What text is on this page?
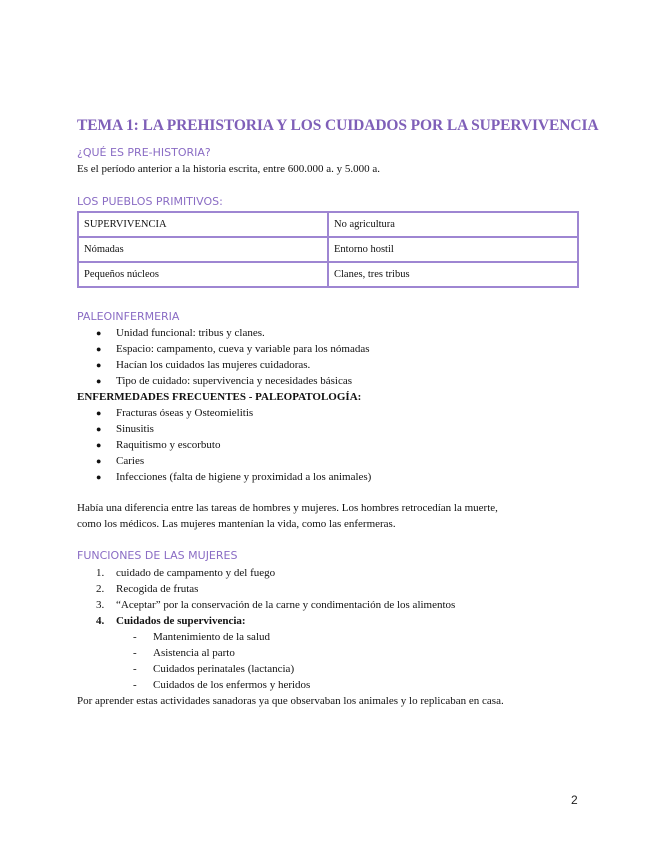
TEMA 1: LA PREHISTORIA Y LOS CUIDADOS POR LA SUPERVIVENCIA
¿QUÉ ES PRE-HISTORIA?
Es el período anterior a la historia escrita, entre 600.000 a. y 5.000 a.
LOS PUEBLOS PRIMITIVOS:
SUPERVIVENCIA	No agricultura
Nómadas	Entorno hostil
Pequeños núcleos	Clanes, tres tribus
PALEOINFERMERIA
● Unidad funcional: tribus y clanes.
● Espacio: campamento, cueva y variable para los nómadas
● Hacían los cuidados las mujeres cuidadoras.
● Tipo de cuidado: supervivencia y necesidades básicas
ENFERMEDADES FRECUENTES - PALEOPATOLOGÍA:
● Fracturas óseas y Osteomielitis
● Sinusitis
● Raquitismo y escorbuto
● Caries
● Infecciones (falta de higiene y proximidad a los animales)
Había una diferencia entre las tareas de hombres y mujeres. Los hombres retrocedían la muerte,
como los médicos. Las mujeres mantenían la vida, como las enfermeras.
FUNCIONES DE LAS MUJERES
1. cuidado de campamento y del fuego
2. Recogida de frutas
3. “Aceptar” por la conservación de la carne y condimentación de los alimentos
4. Cuidados de supervivencia:
- Mantenimiento de la salud
- Asistencia al parto
- Cuidados perinatales (lactancia)
- Cuidados de los enfermos y heridos
Por aprender estas actividades sanadoras ya que observaban los animales y lo replicaban en casa.
2
